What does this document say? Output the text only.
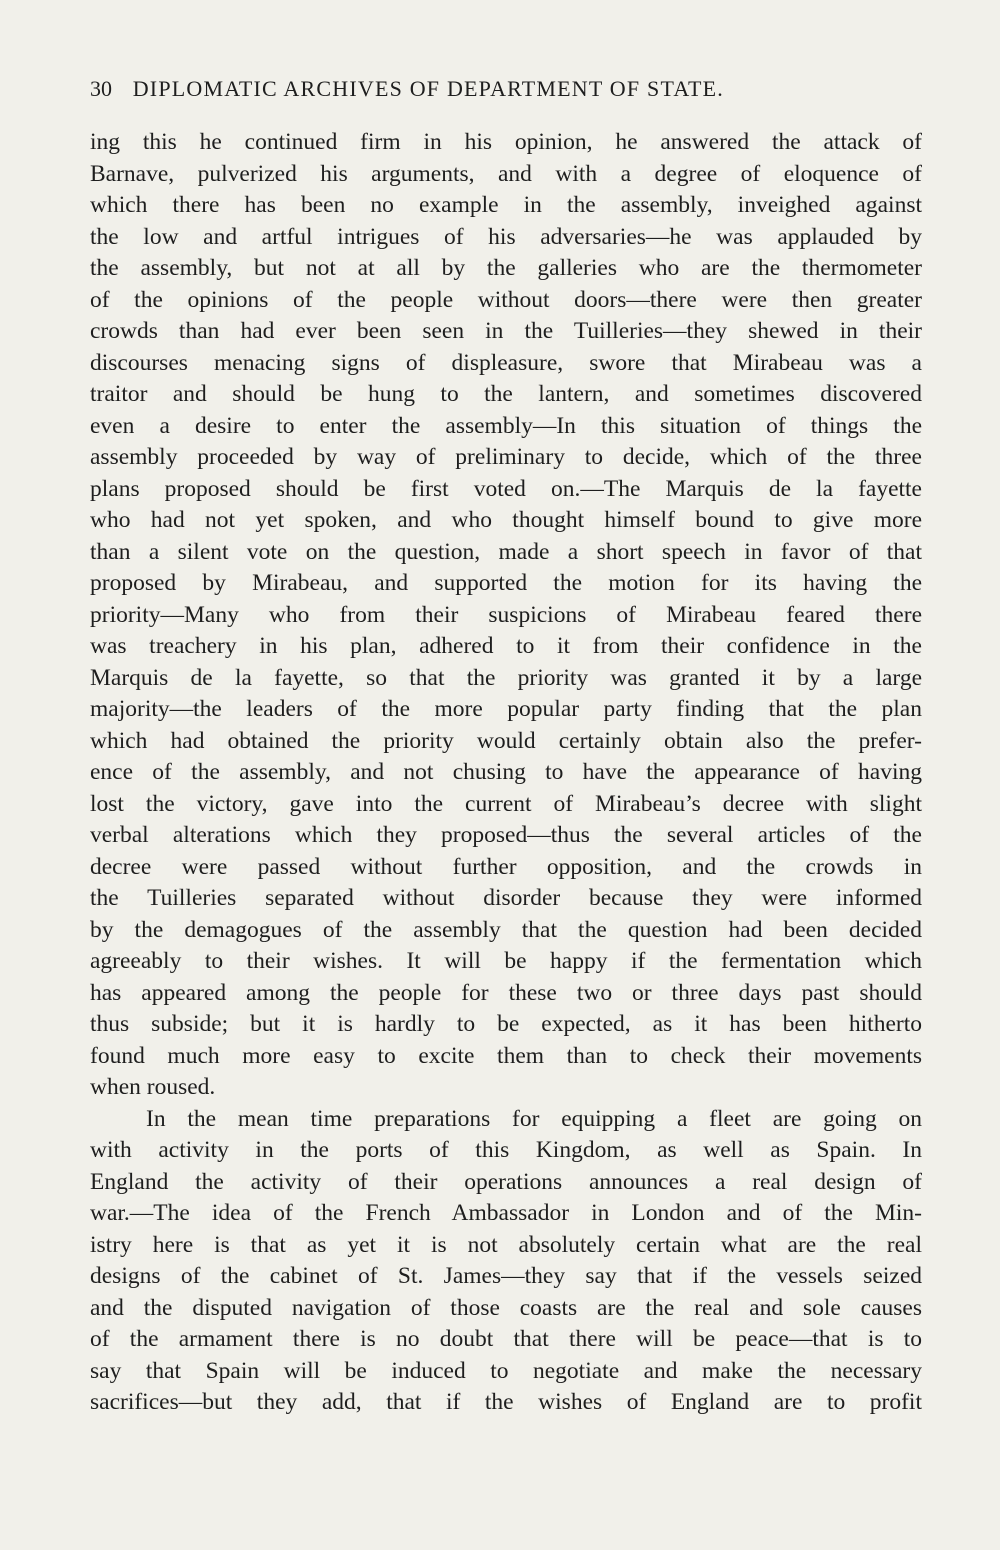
30 DIPLOMATIC ARCHIVES OF DEPARTMENT OF STATE.
ing this he continued firm in his opinion, he answered the attack of
Barnave, pulverized his arguments, and with a degree of eloquence of
which there has been no example in the assembly, inveighed against
the low and artful intrigues of his adversaries—he was applauded by
the assembly, but not at all by the galleries who are the thermometer
of the opinions of the people without doors—there were then greater
crowds than had ever been seen in the Tuilleries—they shewed in their
discourses menacing signs of displeasure, swore that Mirabeau was a
traitor and should be hung to the lantern, and sometimes discovered
even a desire to enter the assembly—In this situation of things the
assembly proceeded by way of preliminary to decide, which of the three
plans proposed should be first voted on.—The Marquis de la fayette
who had not yet spoken, and who thought himself bound to give more
than a silent vote on the question, made a short speech in favor of that
proposed by Mirabeau, and supported the motion for its having the
priority—Many who from their suspicions of Mirabeau feared there
was treachery in his plan, adhered to it from their confidence in the
Marquis de la fayette, so that the priority was granted it by a large
majority—the leaders of the more popular party finding that the plan
which had obtained the priority would certainly obtain also the prefer-
ence of the assembly, and not chusing to have the appearance of having
lost the victory, gave into the current of Mirabeau’s decree with slight
verbal alterations which they proposed—thus the several articles of the
decree were passed without further opposition, and the crowds in
the Tuilleries separated without disorder because they were informed
by the demagogues of the assembly that the question had been decided
agreeably to their wishes. It will be happy if the fermentation which
has appeared among the people for these two or three days past should
thus subside; but it is hardly to be expected, as it has been hitherto
found much more easy to excite them than to check their movements
when roused.
In the mean time preparations for equipping a fleet are going on
with activity in the ports of this Kingdom, as well as Spain. In
England the activity of their operations announces a real design of
war.—The idea of the French Ambassador in London and of the Min-
istry here is that as yet it is not absolutely certain what are the real
designs of the cabinet of St. James—they say that if the vessels seized
and the disputed navigation of those coasts are the real and sole causes
of the armament there is no doubt that there will be peace—that is to
say that Spain will be induced to negotiate and make the necessary
sacrifices—but they add, that if the wishes of England are to profit
